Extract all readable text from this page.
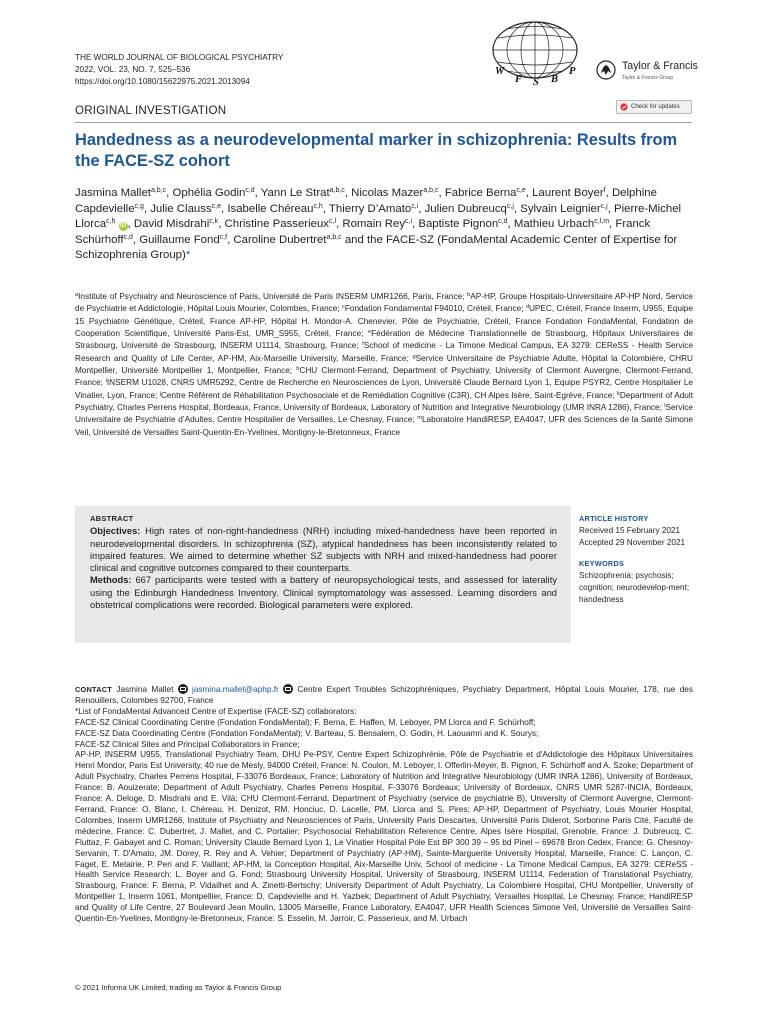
THE WORLD JOURNAL OF BIOLOGICAL PSYCHIATRY
2022, VOL. 23, NO. 7, 525–536
https://doi.org/10.1080/15622975.2021.2013094
W
F S B
P	Taylor & Francis
Taylor & Francis Group
ORIGINAL INVESTIGATION	Check for updates
Handedness as a neurodevelopmental marker in schizophrenia: Results from the FACE-SZ cohort
Jasmina Mallet$^{a,b,c}$, Ophélia Godin$^{c,d}$, Yann Le Strat$^{a,b,c}$, Nicolas Mazer$^{a,b,c}$, Fabrice Berna$^{c,e}$, Laurent Boyer$^f$, Delphine Capdevielle$^{c,g}$, Julie Clauss$^{c,e}$, Isabelle Chéreau$^{c,h}$, Thierry D’Amato$^{c,i}$, Julien Dubreucq$^{c,j}$, Sylvain Leignier$^{c,j}$, Pierre-Michel Llorca$^{c,h}$ iD , David Misdrahi$^{c,k}$, Christine Passerieux$^{c,l}$, Romain Rey$^{c,i}$, Baptiste Pignon$^{c,d}$, Mathieu Urbach$^{c,l,m}$, Franck Schürhoff$^{c,d}$, Guillaume Fond$^{c,f}$, Caroline Dubertret$^{a,b,c}$ and the FACE-SZ (FondaMental Academic Center of Expertise for Schizophrenia Group)*
$^a$Institute of Psychiatry and Neuroscience of Paris, Université de Paris INSERM UMR1266, Paris, France; $^b$AP-HP, Groupe Hospitalo-Universitaire AP-HP Nord, Service de Psychiatrie et Addictologie, Hôpital Louis Mourier, Colombes, France; $^c$Fondation Fondamental F94010, Créteil, France; $^d$UPEC, Créteil, France Inserm, U955, Equipe 15 Psychiatrie Génétique, Créteil, France AP-HP, Hôpital H. Mondor-A. Chenevier, Pôle de Psychiatrie, Créteil, France Fondation FondaMental, Fondation de Cooperation Scientifique, Université Paris-Est, UMR_S955, Créteil, France; $^e$Fédération de Médecine Translationnelle de Strasbourg, Hôpitaux Universitaires de Strasbourg, Université de Strasbourg, INSERM U1114, Strasbourg, France; $^f$School of medicine - La Timone Medical Campus, EA 3279: CEReSS - Health Service Research and Quality of Life Center, AP-HM, Aix-Marseille University, Marseille, France; $^g$Service Universitaire de Psychiatrie Adulte, Hôpital la Colombière, CHRU Montpellier, Université Montpellier 1, Montpellier, France; $^h$CHU Clermont-Ferrand, Department of Psychiatry, University of Clermont Auvergne, Clermont-Ferrand, France; $^i$INSERM U1028, CNRS UMR5292, Centre de Recherche en Neurosciences de Lyon, Université Claude Bernard Lyon 1, Equipe PSYR2, Centre Hospitalier Le Vinatier, Lyon, France; $^j$Centre Référent de Réhabilitation Psychosociale et de Remédiation Cognitive (C3R), CH Alpes Isère, Saint-Egrève, France; $^k$Department of Adult Psychiatry, Charles Perrens Hospital, Bordeaux, France, University of Bordeaux, Laboratory of Nutrition and Integrative Neurobiology (UMR INRA 1286), France; $^l$Service Universitaire de Psychiatrie d’Adultes, Centre Hospitalier de Versailles, Le Chesnay, France; $^m$Laboratoire HandiRESP, EA4047, UFR des Sciences de la Santé Simone Veil, Université de Versailles Saint-Quentin-En-Yvelines, Montigny-le-Bretonneux, France
ABSTRACT
Objectives: High rates of non-right-handedness (NRH) including mixed-handedness have been reported in neurodevelopmental disorders. In schizophrenia (SZ), atypical handedness has been inconsistently related to impaired features. We aimed to determine whether SZ subjects with NRH and mixed-handedness had poorer clinical and cognitive outcomes compared to their counterparts.
Methods: 667 participants were tested with a battery of neuropsychological tests, and assessed for laterality using the Edinburgh Handedness Inventory. Clinical symptomatology was assessed. Learning disorders and obstetrical complications were recorded. Biological parameters were explored.
ARTICLE HISTORY
Received 15 February 2021
Accepted 29 November 2021
KEYWORDS
Schizophrenia; psychosis; cognition; neurodevelop-ment; handedness
CONTACT Jasmina Mallet jasmina.mallet@aphp.fr Centre Expert Troubles Schizophréniques, Psychiatry Department, Hôpital Louis Mourier, 178, rue des Renouillers, Colombes 92700, France
*List of FondaMental Advanced Centre of Expertise (FACE-SZ) collaborators:
FACE-SZ Clinical Coordinating Centre (Fondation FondaMental); F. Berna, E. Haffen, M. Leboyer, PM Llorca and F. Schürhoff;
FACE-SZ Data Coordinating Centre (Fondation FondaMental); V. Barteau, S. Bensalem, O. Godin, H. Laouamri and K. Sourys;
FACE-SZ Clinical Sites and Principal Collaborators in France;
AP-HP, INSERM U955, Translational Psychiatry Team, DHU Pe-PSY, Centre Expert Schizophrénie, Pôle de Psychiatrie et d'Addictologie des Hôpitaux Universitaires Henri Mondor, Paris Est University, 40 rue de Mesly, 94000 Créteil, France: N. Coulon, M. Leboyer, I. Offerlin-Meyer, B. Pignon, F. Schürhoff and A. Szoke; Department of Adult Psychiatry, Charles Perrens Hospital, F-33076 Bordeaux, France; Laboratory of Nutrition and Integrative Neurobiology (UMR INRA 1286), University of Bordeaux, France: B. Aouizerate; Department of Adult Psychiatry, Charles Perrens Hospital, F-33076 Bordeaux; University of Bordeaux, CNRS UMR 5287-INCIA, Bordeaux, France: A. Deloge, D. Misdrahi and E. Vilà; CHU Clermont-Ferrand, Department of Psychiatry (service de psychiatrie B), University of Clermont Auvergne, Clermont-Ferrand, France: O. Blanc, I. Chéreau, H. Denizot, RM. Honciuc, D. Lacelle, PM. Llorca and S. Pires; AP-HP, Department of Psychiatry, Louis Mourier Hospital, Colombes, Inserm UMR1266, Institute of Psychiatry and Neurosciences of Paris, University Paris Descartes, Université Paris Diderot, Sorbonne Paris Cité, Faculté de médecine, France: C. Dubertret, J. Mallet, and C. Portalier; Psychosocial Rehabilitation Reference Centre, Alpes Isère Hospital, Grenoble, France: J. Dubreucq, C. Fluttaz, F. Gabayet and C. Roman; University Claude Bernard Lyon 1, Le Vinatier Hospital Pole Est BP 300 39 – 95 bd Pinel – 69678 Bron Cedex, France: G. Chesnoy-Servanin, T. D'Amato, JM. Dorey, R. Rey and A. Vehier; Department of Psychiatry (AP-HM), Sainte-Marguerite University Hospital, Marseille, France: C. Lançon, C. Faget, E. Metairie, P. Peri and F. Vaillant; AP-HM, la Conception Hospital, Aix-Marseille Univ, School of medicine - La Timone Medical Campus, EA 3279: CEReSS - Health Service Research: L. Boyer and G. Fond; Strasbourg University Hospital, University of Strasbourg, INSERM U1114, Federation of Translational Psychiatry, Strasbourg, France: F. Berna, P. Vidailhet and A. Zinetti-Bertschy; University Department of Adult Psychiatry, La Colombiere Hospital, CHU Montpellier, University of Montpellier 1, Inserm 1061, Montpellier, France: D. Capdevielle and H. Yazbek; Department of Adult Psychiatry, Versailles Hospital, Le Chesnay, France; HandiRESP and Quality of Life Centre, 27 Boulevard Jean Moulin, 13005 Marseille, France Laboratory, EA4047, UFR Health Sciences Simone Veil, Université de Versailles Saint-Quentin-En-Yvelines, Montigny-le-Bretonneux, France: S. Esselin, M. Jarroir, C. Passerieux, and M. Urbach
© 2021 Informa UK Limited, trading as Taylor & Francis Group
